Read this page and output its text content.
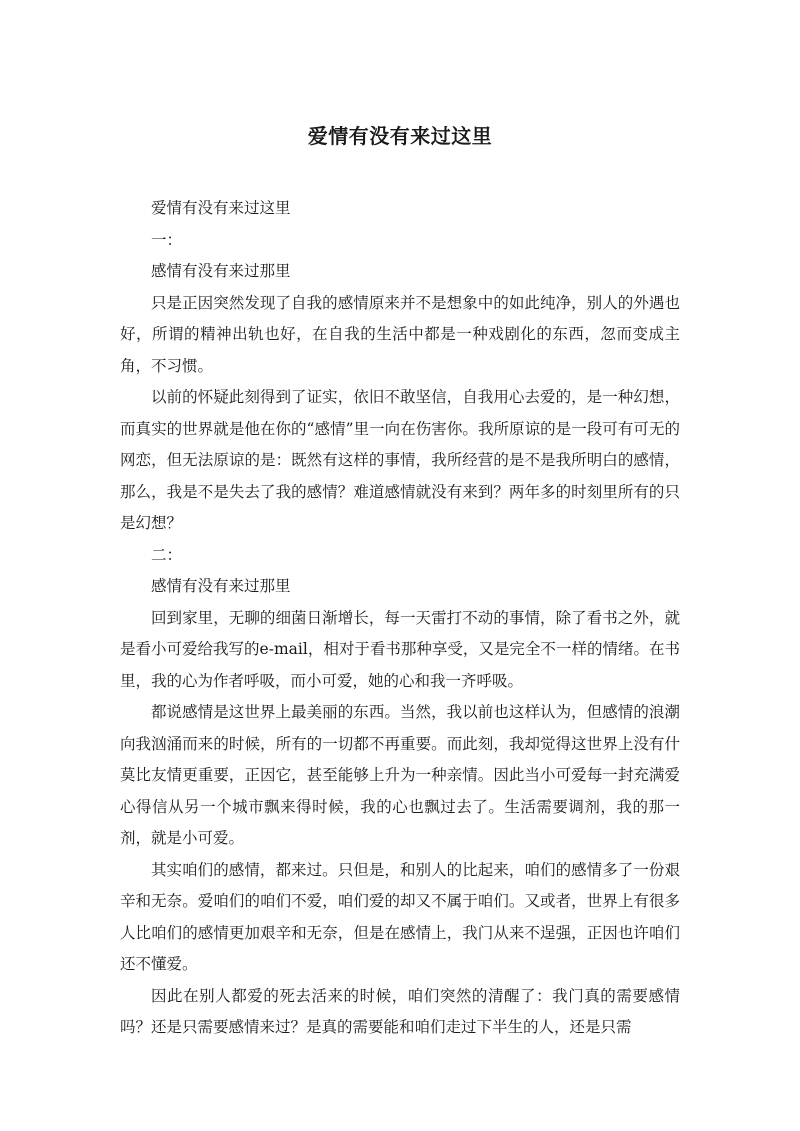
爱情有没有来过这里

爱情有没有来过这里

一：

感情有没有来过那里

只是正因突然发现了自我的感情原来并不是想象中的如此纯净，别人的外遇也好，所谓的精神出轨也好，在自我的生活中都是一种戏剧化的东西，忽而变成主角，不习惯。

以前的怀疑此刻得到了证实，依旧不敢坚信，自我用心去爱的，是一种幻想，而真实的世界就是他在你的“感情”里一向在伤害你。我所原谅的是一段可有可无的网恋，但无法原谅的是：既然有这样的事情，我所经营的是不是我所明白的感情，那么，我是不是失去了我的感情？难道感情就没有来到？两年多的时刻里所有的只是幻想？

二：

感情有没有来过那里

回到家里，无聊的细菌日渐增长，每一天雷打不动的事情，除了看书之外，就是看小可爱给我写的e-mail，相对于看书那种享受，又是完全不一样的情绪。在书里，我的心为作者呼吸，而小可爱，她的心和我一齐呼吸。

都说感情是这世界上最美丽的东西。当然，我以前也这样认为，但感情的浪潮向我汹涌而来的时候，所有的一切都不再重要。而此刻，我却觉得这世界上没有什莫比友情更重要，正因它，甚至能够上升为一种亲情。因此当小可爱每一封充满爱心得信从另一个城市飘来得时候，我的心也飘过去了。生活需要调剂，我的那一剂，就是小可爱。

其实咱们的感情，都来过。只但是，和别人的比起来，咱们的感情多了一份艰辛和无奈。爱咱们的咱们不爱，咱们爱的却又不属于咱们。又或者，世界上有很多人比咱们的感情更加艰辛和无奈，但是在感情上，我门从来不逞强，正因也许咱们还不懂爱。

因此在别人都爱的死去活来的时候，咱们突然的清醒了：我门真的需要感情吗？还是只需要感情来过？是真的需要能和咱们走过下半生的人，还是只需
